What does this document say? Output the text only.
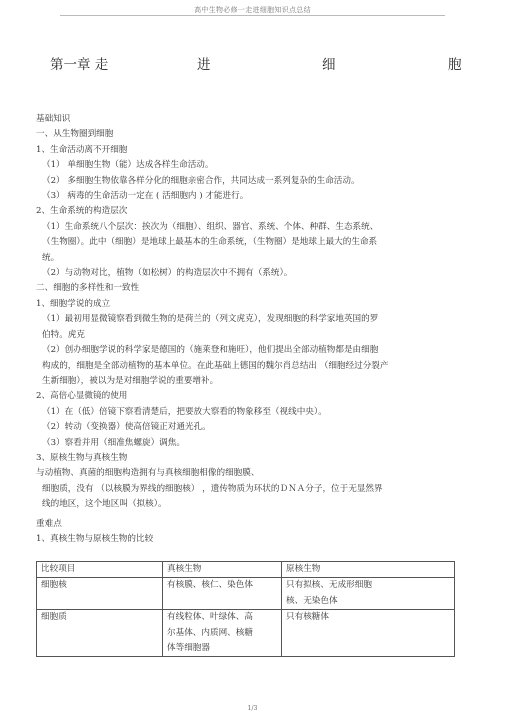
高中生物必修一走进细胞知识点总结
第一章 走	进	细	胞

基础知识

一、从生物圈到细胞

1、生命活动离不开细胞

（1） 单细胞生物（能）达成各样生命活动。

（2） 多细胞生物依靠各样分化的细胞亲密合作，共同达成一系列复杂的生命活动。

（3） 病毒的生命活动一定在 ( 活细胞内 ) 才能进行。

2、生命系统的构造层次

（1）生命系统八个层次：挨次为（细胞）、组织、器官、系统、个体、种群、生态系统、

（生物圈）。此中（细胞）是地球上最基本的生命系统，（生物圈）是地球上最大的生命系

统。

（2）与动物对比，植物（如松树）的构造层次中不拥有（系统）。

二、细胞的多样性和一致性

1、细胞学说的成立

（1）最初用显微镜察看到微生物的是荷兰的（列文虎克），发现细胞的科学家地英国的罗

伯特。虎克

（2）创办细胞学说的科学家是德国的（施莱登和施旺），他们提出全部动植物都是由细胞

构成的，细胞是全部动植物的基本单位。在此基础上德国的魏尔肖总结出 （细胞经过分裂产

生新细胞），被以为是对细胞学说的重要增补。

2、高倍心显微镜的使用

（1）在（低）倍镜下察看清楚后，把要放大察看的物象移至（视线中央）。

（2）转动（变换器）使高倍镜正对通光孔。

（3）察看并用（细准焦螺旋）调焦。

3、原核生物与真核生物

与动植物、真菌的细胞构造拥有与真核细胞相像的细胞膜、

细胞质，没有 （以核膜为界线的细胞核） ，遗传物质为环状的ＤＮＡ分子，位于无显然界

线的地区，这个地区叫（拟核）。

重难点

1、真核生物与原核生物的比较

比较项目	真核生物	原核生物
细胞核	有核膜、核仁、染色体	只有拟核、无成形细胞
核、无染色体

细胞质	有线粒体、叶绿体、高
尔基体、内质网、核糖
体等细胞器	只有核糖体
1/3
